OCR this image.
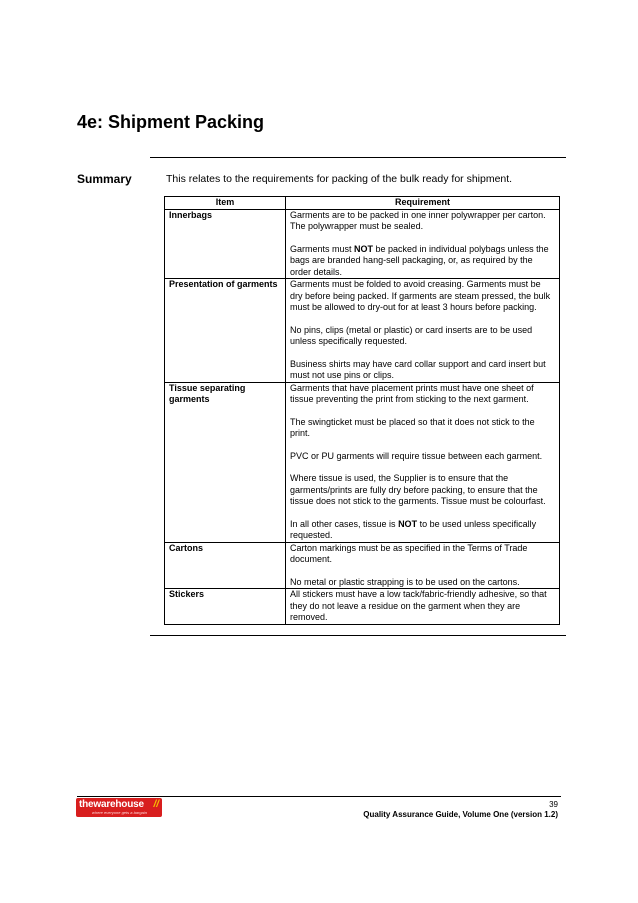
4e: Shipment Packing
Summary	This relates to the requirements for packing of the bulk ready for shipment.
Item	Requirement
Innerbags	Garments are to be packed in one inner polywrapper per carton. The polywrapper must be sealed.

Garments must NOT be packed in individual polybags unless the bags are branded hang-sell packaging, or, as required by the order details.

Presentation of garments	Garments must be folded to avoid creasing. Garments must be dry before being packed. If garments are steam pressed, the bulk must be allowed to dry-out for at least 3 hours before packing.

No pins, clips (metal or plastic) or card inserts are to be used unless specifically requested.

Business shirts may have card collar support and card insert but must not use pins or clips.

Tissue separating garments	Garments that have placement prints must have one sheet of tissue preventing the print from sticking to the next garment.

The swingticket must be placed so that it does not stick to the print.

PVC or PU garments will require tissue between each garment.

Where tissue is used, the Supplier is to ensure that the garments/prints are fully dry before packing, to ensure that the tissue does not stick to the garments. Tissue must be colourfast.

In all other cases, tissue is NOT to be used unless specifically requested.

Cartons	Carton markings must be as specified in the Terms of Trade document.

No metal or plastic strapping is to be used on the cartons.

Stickers	All stickers must have a low tack/fabric-friendly adhesive, so that they do not leave a residue on the garment when they are removed.

thewarehouse //
where everyone gets a bargain
39
Quality Assurance Guide, Volume One (version 1.2)
